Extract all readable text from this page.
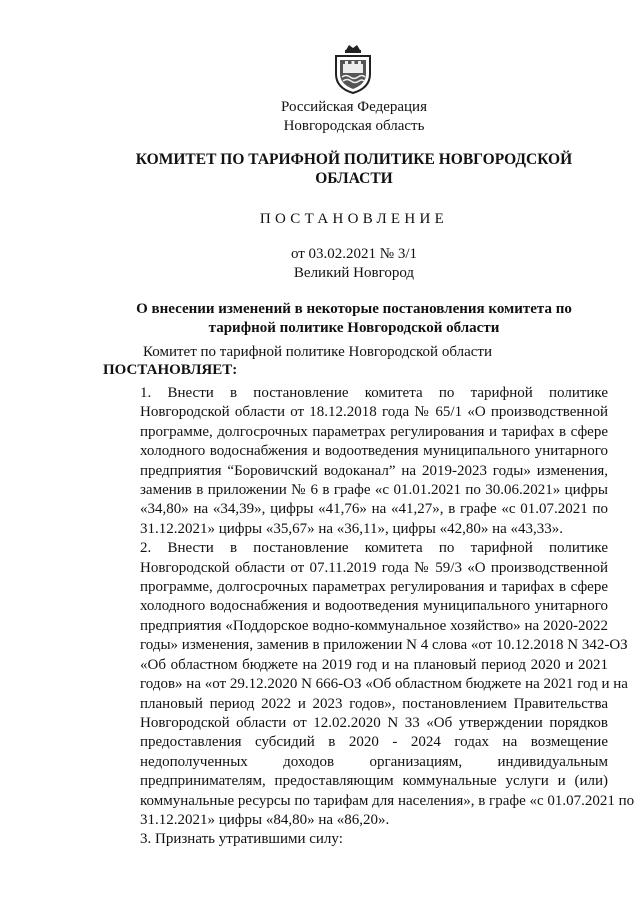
Российская Федерация
Новгородская область
КОМИТЕТ ПО ТАРИФНОЙ ПОЛИТИКЕ НОВГОРОДСКОЙ
ОБЛАСТИ
ПОСТАНОВЛЕНИЕ
от 03.02.2021 № 3/1
Великий Новгород
О внесении изменений в некоторые постановления комитета по
тарифной политике Новгородской области
Комитет по тарифной политике Новгородской области
ПОСТАНОВЛЯЕТ:
1. Внести в постановление комитета по тарифной политике
Новгородской области от 18.12.2018 года № 65/1 «О производственной
программе, долгосрочных параметрах регулирования и тарифах в сфере
холодного водоснабжения и водоотведения муниципального унитарного
предприятия “Боровичский водоканал” на 2019-2023 годы» изменения,
заменив в приложении № 6 в графе «с 01.01.2021 по 30.06.2021» цифры
«34,80» на «34,39», цифры «41,76» на «41,27», в графе «с 01.07.2021 по
31.12.2021» цифры «35,67» на «36,11», цифры «42,80» на «43,33».
2. Внести в постановление комитета по тарифной политике
Новгородской области от 07.11.2019 года № 59/3 «О производственной
программе, долгосрочных параметрах регулирования и тарифах в сфере
холодного водоснабжения и водоотведения муниципального унитарного
предприятия «Поддорское водно-коммунальное хозяйство» на 2020-2022
годы» изменения, заменив в приложении N 4 слова «от 10.12.2018 N 342-ОЗ
«Об областном бюджете на 2019 год и на плановый период 2020 и 2021
годов» на «от 29.12.2020 N 666-ОЗ «Об областном бюджете на 2021 год и на
плановый период 2022 и 2023 годов», постановлением Правительства
Новгородской области от 12.02.2020 N 33 «Об утверждении порядков
предоставления субсидий в 2020 - 2024 годах на возмещение
недополученных доходов организациям, индивидуальным
предпринимателям, предоставляющим коммунальные услуги и (или)
коммунальные ресурсы по тарифам для населения», в графе «с 01.07.2021 по
31.12.2021» цифры «84,80» на «86,20».
3. Признать утратившими силу:
